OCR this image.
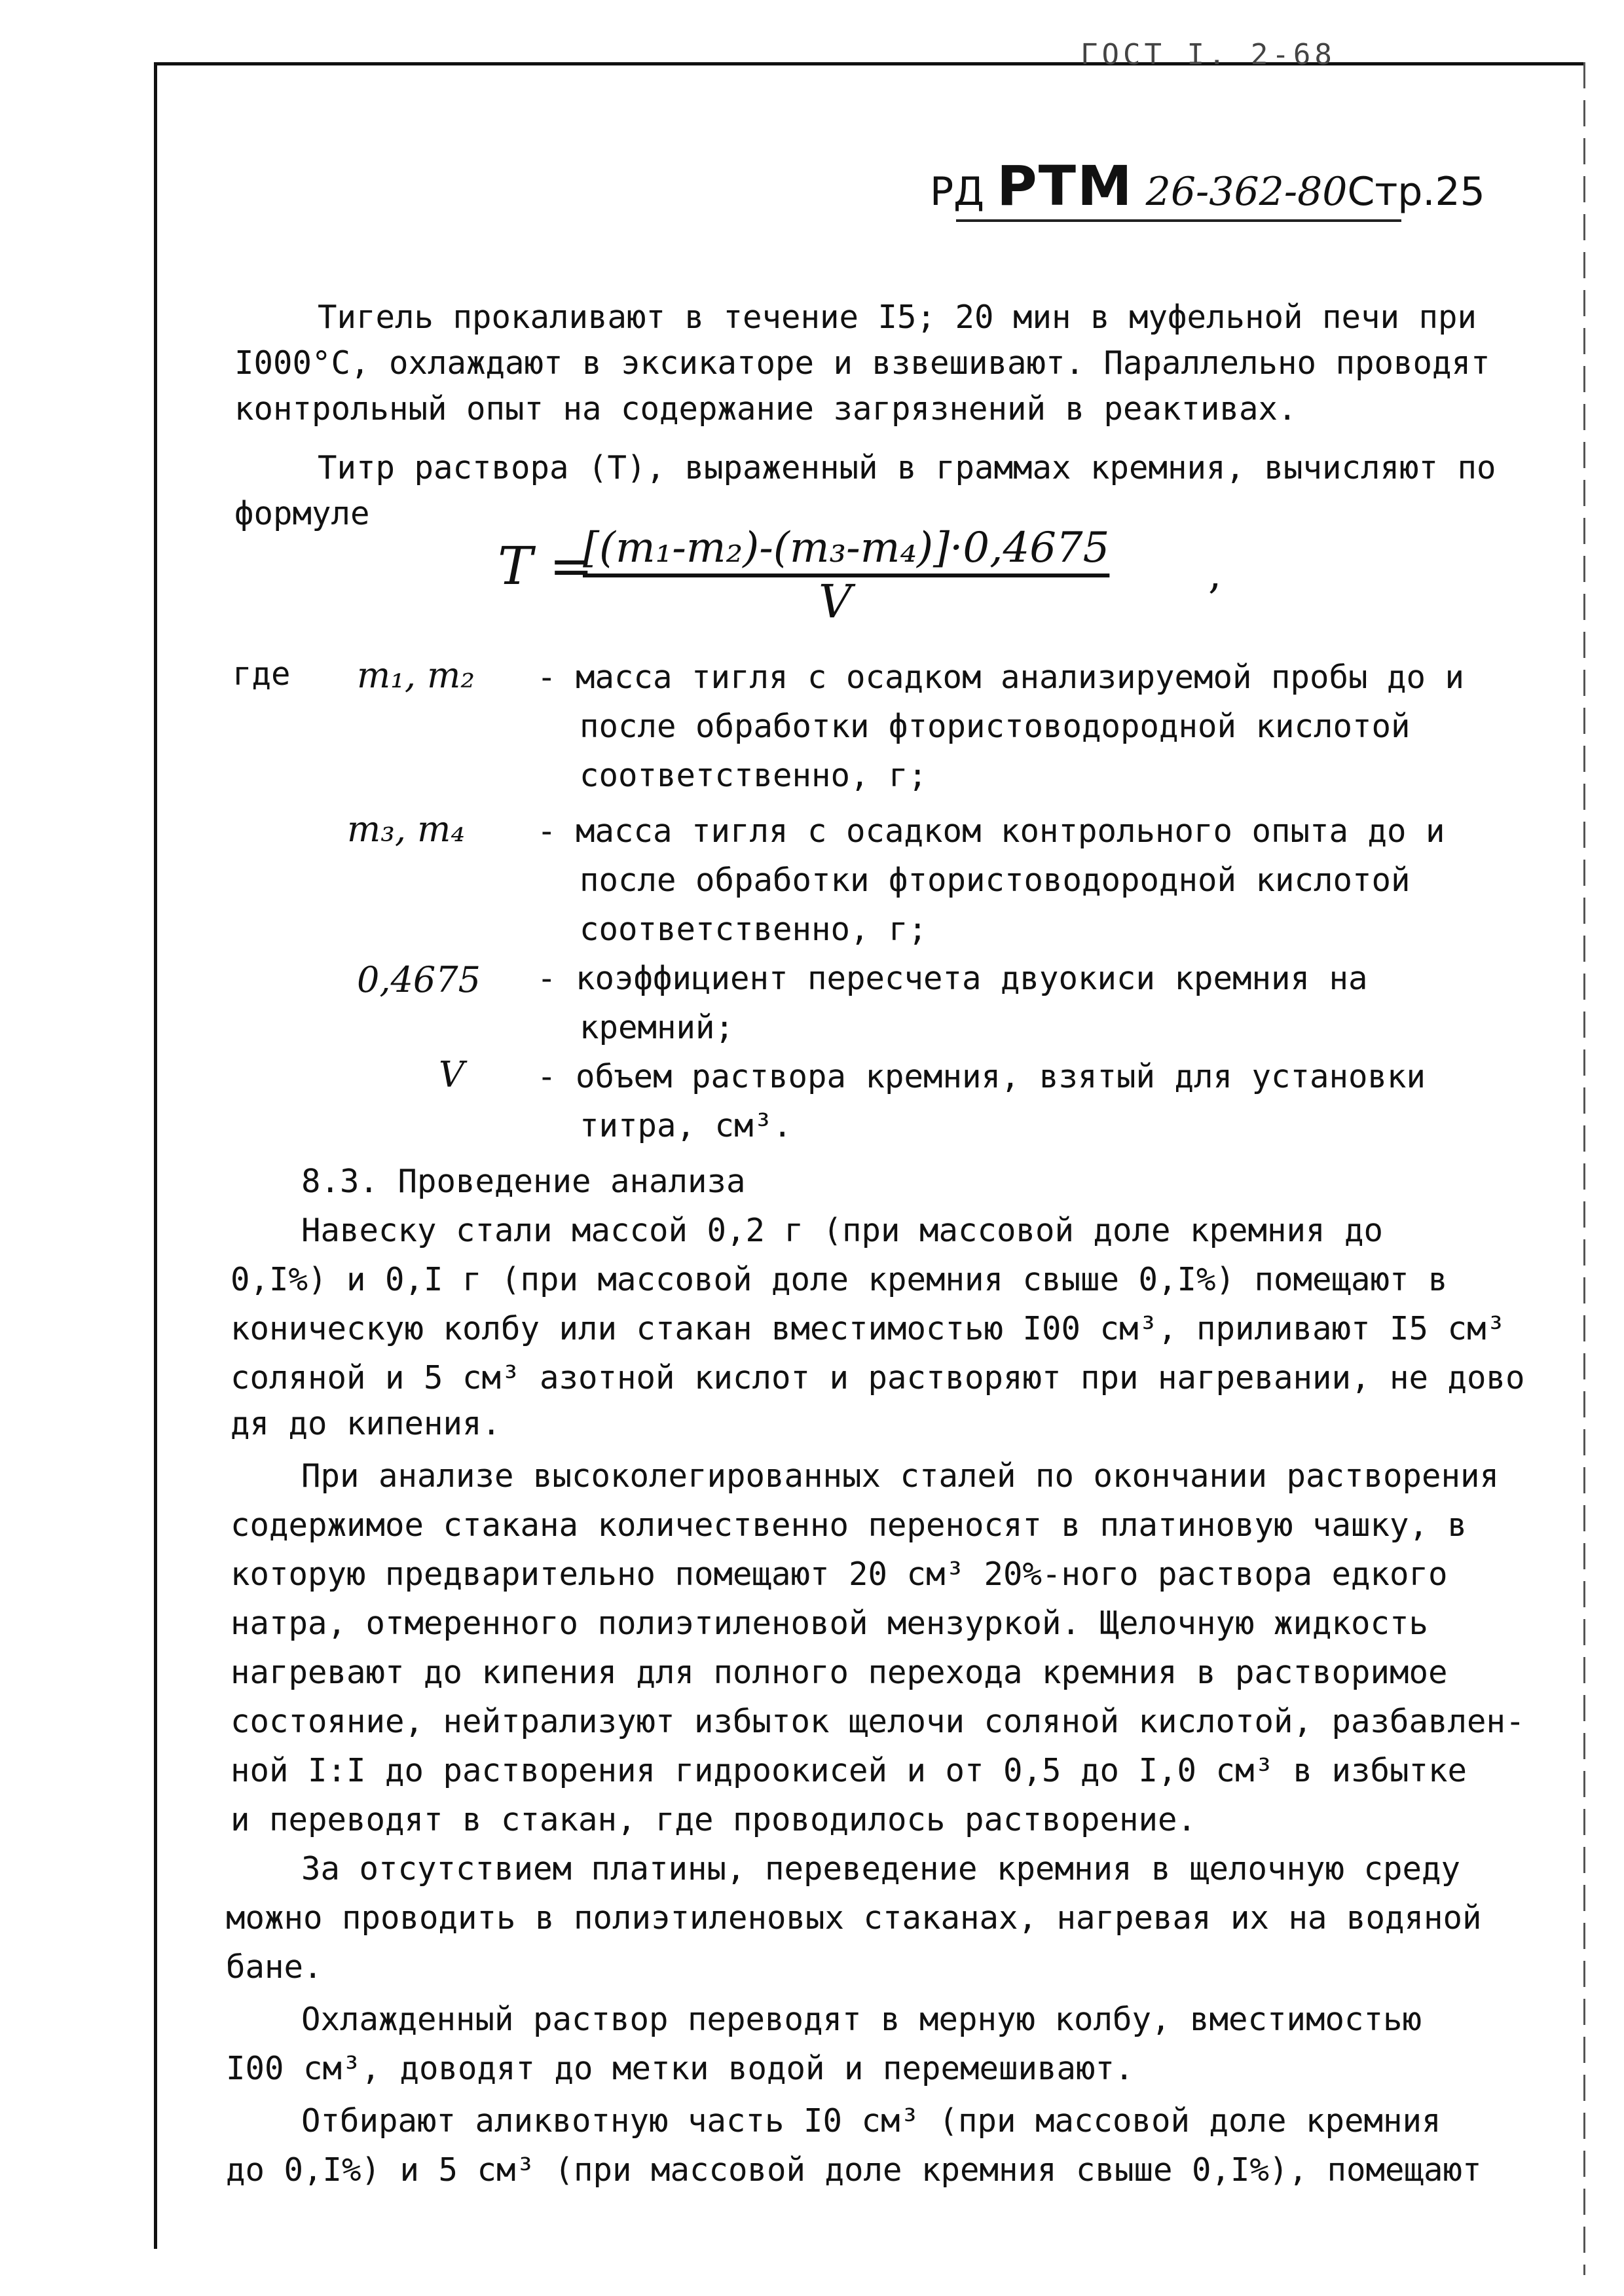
ГОСТ I. 2-68
РД РТМ 26-362-80Стр.25
Тигель прокаливают в течение I5; 20 мин в муфельной печи при
I000°C, охлаждают в эксикаторе и взвешивают. Параллельно проводят
контрольный опыт на содержание загрязнений в реактивах.
Титр раствора (Т), выраженный в граммах кремния, вычисляют по
формуле
T =
[(m₁-m₂)-(m₃-m₄)]·0,4675
V
,
где m₁, m₂ - масса тигля с осадком анализируемой пробы до и
после обработки фтористоводородной кислотой
соответственно, г;
m₃, m₄ - масса тигля с осадком контрольного опыта до и
после обработки фтористоводородной кислотой
соответственно, г;
0,4675 - коэффициент пересчета двуокиси кремния на
кремний;
V - объем раствора кремния, взятый для установки
титра, см³.
8.3. Проведение анализа
Навеску стали массой 0,2 г (при массовой доле кремния до
0,I%) и 0,I г (при массовой доле кремния свыше 0,I%) помещают в
коническую колбу или стакан вместимостью I00 см³, приливают I5 см³
соляной и 5 см³ азотной кислот и растворяют при нагревании, не дово
дя до кипения.
При анализе высоколегированных сталей по окончании растворения
содержимое стакана количественно переносят в платиновую чашку, в
которую предварительно помещают 20 см³ 20%-ного раствора едкого
натра, отмеренного полиэтиленовой мензуркой. Щелочную жидкость
нагревают до кипения для полного перехода кремния в растворимое
состояние, нейтрализуют избыток щелочи соляной кислотой, разбавлен-
ной I:I до растворения гидроокисей и от 0,5 до I,0 см³ в избытке
и переводят в стакан, где проводилось растворение.
За отсутствием платины, переведение кремния в щелочную среду
можно проводить в полиэтиленовых стаканах, нагревая их на водяной
бане.
Охлажденный раствор переводят в мерную колбу, вместимостью
I00 см³, доводят до метки водой и перемешивают.
Отбирают аликвотную часть I0 см³ (при массовой доле кремния
до 0,I%) и 5 см³ (при массовой доле кремния свыше 0,I%), помещают
